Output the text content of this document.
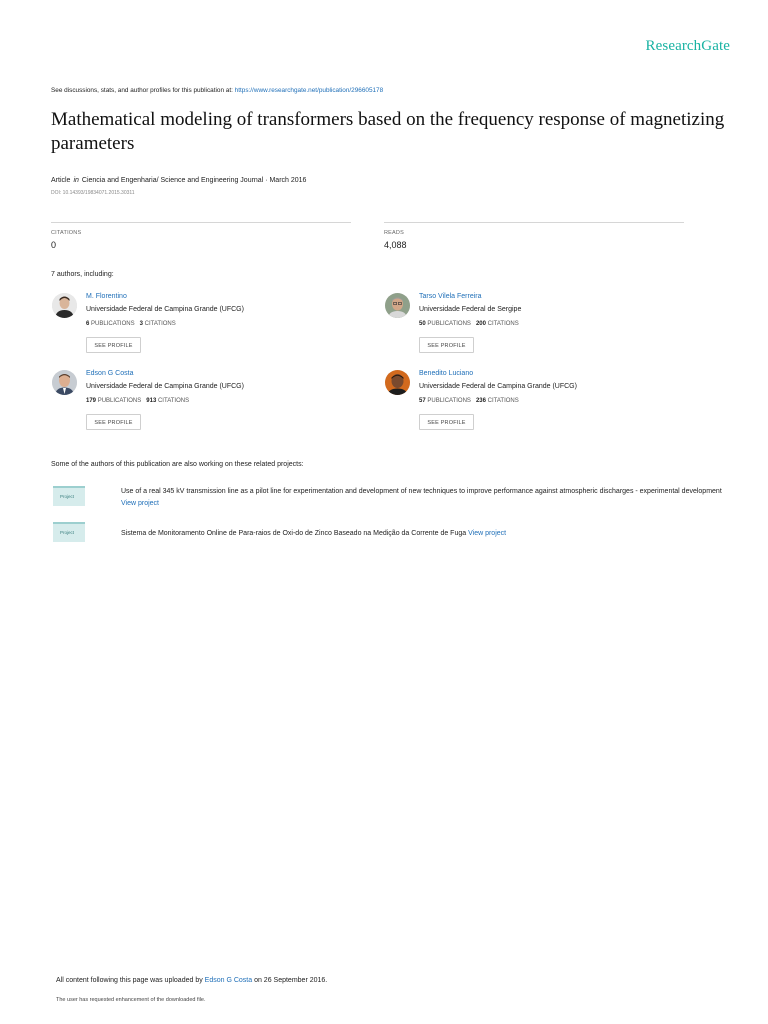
ResearchGate
See discussions, stats, and author profiles for this publication at: https://www.researchgate.net/publication/296605178
Mathematical modeling of transformers based on the frequency response of magnetizing parameters
Article in Ciencia and Engenharia/ Science and Engineering Journal · March 2016
DOI: 10.14393/19834071.2015.30311
CITATIONS
0
READS
4,088
7 authors, including:
M. Florentino
Universidade Federal de Campina Grande (UFCG)
6 PUBLICATIONS 3 CITATIONS
SEE PROFILE
Tarso Vilela Ferreira
Universidade Federal de Sergipe
50 PUBLICATIONS 200 CITATIONS
SEE PROFILE
Edson G Costa
Universidade Federal de Campina Grande (UFCG)
179 PUBLICATIONS 913 CITATIONS
SEE PROFILE
Benedito Luciano
Universidade Federal de Campina Grande (UFCG)
57 PUBLICATIONS 236 CITATIONS
SEE PROFILE
Some of the authors of this publication are also working on these related projects:
Project
Use of a real 345 kV transmission line as a pilot line for experimentation and development of new techniques to improve performance against atmospheric discharges - experimental development View project
Project	Sistema de Monitoramento Online de Para-raios de Oxi-do de Zinco Baseado na Medição da Corrente de Fuga View project
All content following this page was uploaded by Edson G Costa on 26 September 2016.
The user has requested enhancement of the downloaded file.
